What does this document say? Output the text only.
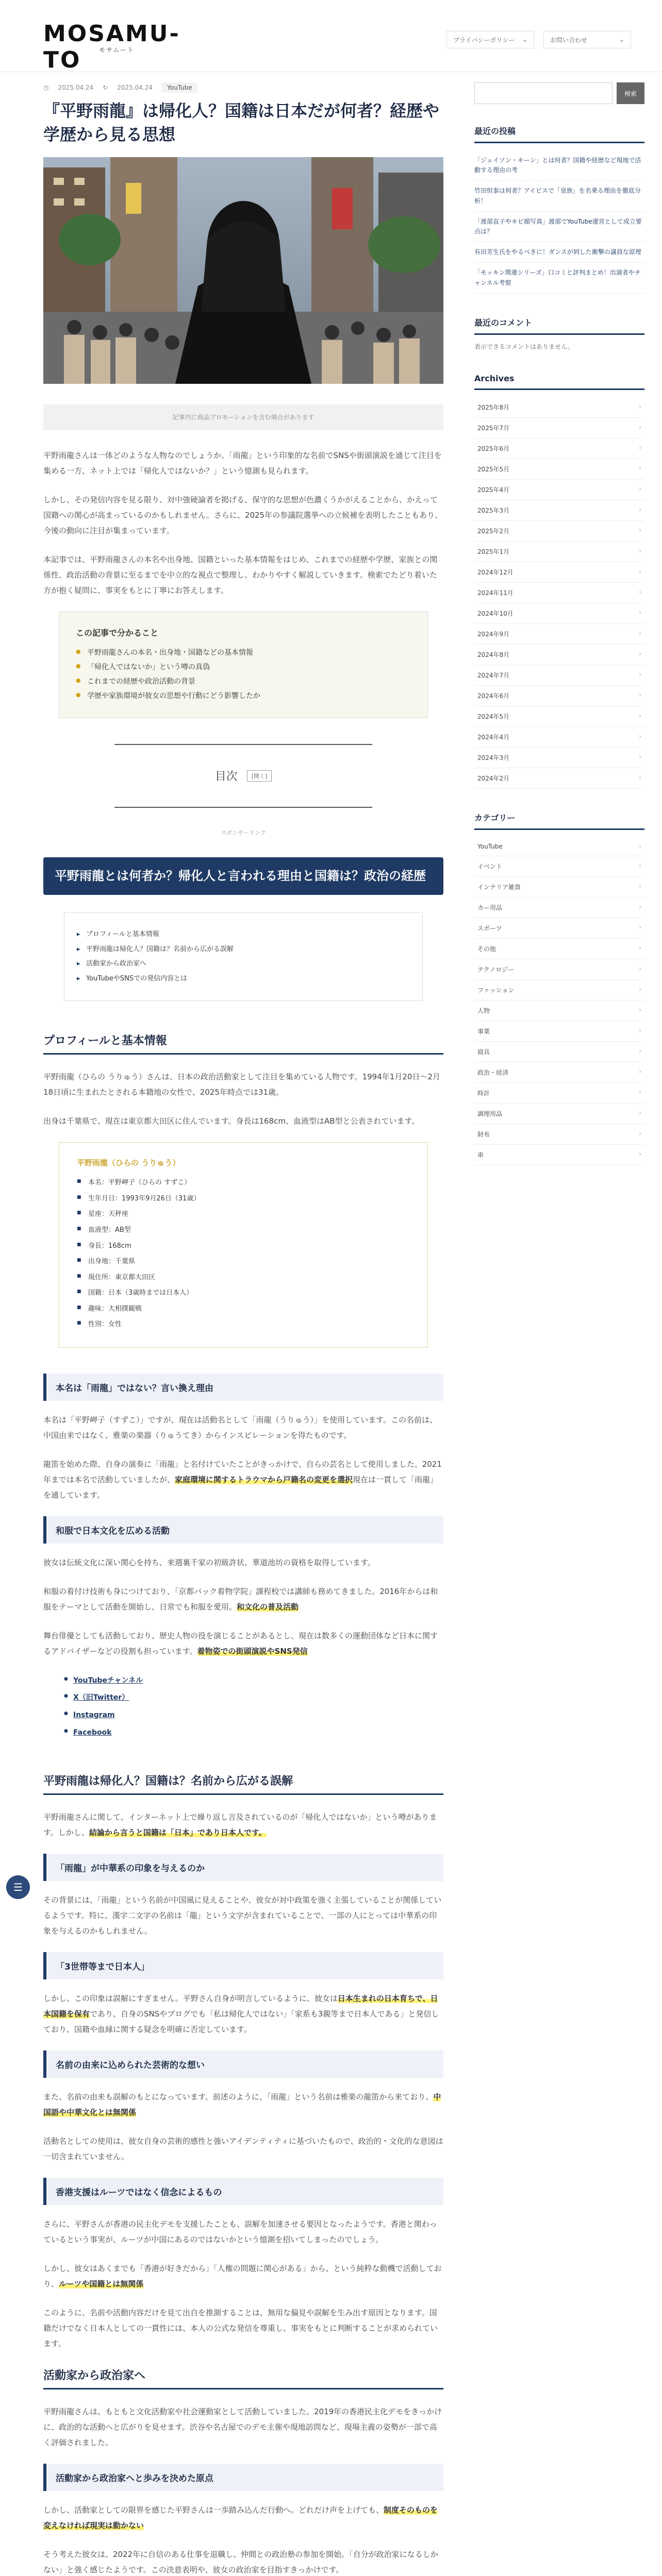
MOSAMU-TO	モサムート
プライバシーポリシー ⌄	お問い合わせ	⌄
◷ 2025.04.24 ↻ 2025.04.24	YouTube
『平野雨龍』は帰化人？国籍は日本だが何者？経歴や学歴から見る思想
記事内に商品プロモーションを含む場合があります

平野雨龍さんは一体どのような人物なのでしょうか。「雨龍」という印象的な名前でSNSや街頭演説を通じて注目を集める一方、ネット上では「帰化人ではないか？」という憶測も見られます。

しかし、その発信内容を見る限り、対中強硬論者を掲げる、保守的な思想が色濃くうかがえることから、かえって国籍への関心が高まっているのかもしれません。さらに、2025年の参議院選挙への立候補を表明したこともあり、今後の動向に注目が集まっています。

本記事では、平野雨龍さんの本名や出身地、国籍といった基本情報をはじめ、これまでの経歴や学歴、家族との関係性、政治活動の背景に至るまでを中立的な視点で整理し、わかりやすく解説していきます。検索でたどり着いた方が抱く疑問に、事実をもとに丁寧にお答えします。

この記事で分かること
● 平野雨龍さんの本名・出身地・国籍などの基本情報
● 「帰化人ではないか」という噂の真偽
● これまでの経歴や政治活動の背景
● 学歴や家族環境が彼女の思想や行動にどう影響したか
目次	[開く]
スポンサーリンク
平野雨龍とは何者か？帰化人と言われる理由と国籍は？政治の経歴
▸ プロフィールと基本情報
▸ 平野雨龍は帰化人？国籍は？名前から広がる誤解
▸ 活動家から政治家へ
▸ YouTubeやSNSでの発信内容とは
プロフィールと基本情報

平野雨龍（ひらの うりゅう）さんは、日本の政治活動家として注目を集めている人物です。1994年1月20日〜2月18日頃に生まれたとされる本籍地の女性で、2025年時点では31歳。

出身は千葉県で、現在は東京都大田区に住んでいます。身長は168cm、血液型はAB型と公表されています。

平野雨龍（ひらの うりゅう）
■ 本名：平野岬子（ひらの すずこ）
■ 生年月日：1993年9月26日（31歳）
■ 星座：天秤座
■ 血液型：AB型
■ 身長：168cm
■ 出身地：千葉県
■ 現住所：東京都大田区
■ 国籍：日本（3歳時までは日本人）
■ 趣味：大相撲観戦
■ 性別：女性
本名は「雨龍」ではない？言い換え理由

本名は「平野岬子（すずこ）」ですが、現在は活動名として「雨龍（うりゅう）」を使用しています。この名前は、中国由来ではなく、雅楽の楽器（りゅうてき）からインスピレーションを得たものです。

龍笛を始めた際、自身の演奏に「雨龍」と名付けていたことがきっかけで、自らの芸名として使用しました。2021年までは本名で活動していましたが、家庭環境に関するトラウマから戸籍名の変更を選択現在は一貫して「雨龍」を通しています。

和服で日本文化を広める活動

彼女は伝統文化に深い関心を持ち、来週裏千家の初級許状、華道池坊の資格を取得しています。

和服の着付け技術も身につけており、「京都バック着物学院」課程校では講師も務めてきました。2016年からは和服をテーマとして活動を開始し、日常でも和服を愛用。和文化の普及活動

舞台俳優としても活動しており、歴史人物の役を演じることがあるとし、現在は数多くの運動団体など日本に関するアドバイザーなどの役割も担っています。着物姿での街頭演説やSNS発信

● YouTubeチャンネル
● X（旧Twitter）
● Instagram
● Facebook
平野雨龍は帰化人？国籍は？名前から広がる誤解

平野雨龍さんに関して、インターネット上で繰り返し言及されているのが「帰化人ではないか」という噂があります。しかし、結論から言うと国籍は「日本」であり日本人です。

「雨龍」が中華系の印象を与えるのか

その背景には、「雨龍」という名前が中国風に見えることや、彼女が対中政策を強く主張していることが関係しているようです。特に、漢字二文字の名前は「龍」という文字が含まれていることで、一部の人にとっては中華系の印象を与えるのかもしれません。

「3世帯等まで日本人」

しかし、この印象は誤解にすぎません。平野さん自身が明言しているように、彼女は日本生まれの日本育ちで、日本国籍を保有であり、自身のSNSやブログでも「私は帰化人ではない」「家系も3親等まで日本人である」と発信しており、国籍や血縁に関する疑念を明確に否定しています。

名前の由来に込められた芸術的な想い

また、名前の由来も誤解のもとになっています。前述のように、「雨龍」という名前は雅楽の龍笛から来ており、中国語や中華文化とは無関係

活動名としての使用は、彼女自身の芸術的感性と強いアイデンティティに基づいたもので、政治的・文化的な意図は一切含まれていません。

香港支援はルーツではなく信念によるもの

さらに、平野さんが香港の民主化デモを支援したことも、誤解を加速させる要因となったようです。香港と関わっているという事実が、ルーツが中国にあるのではないかという憶測を招いてしまったのでしょう。

しかし、彼女はあくまでも「香港が好きだから」「人権の問題に関心がある」から、という純粋な動機で活動しており、ルーツや国籍とは無関係

このように、名前や活動内容だけを見て出自を推測することは、無用な偏見や誤解を生み出す原因となります。国籍だけでなく日本人としての一貫性には、本人の公式な発信を尊重し、事実をもとに判断することが求められています。

活動家から政治家へ

平野雨龍さんは、もともと文化活動家や社会運動家として活動していました。2019年の香港民主化デモをきっかけに、政治的な活動へと広がりを見せます。渋谷や名古屋でのデモ主催や現地訪問など、現場主義の姿勢が一部で高く評価されました。

活動家から政治家へと歩みを決めた原点

しかし、活動家としての限界を感じた平野さんは一歩踏み込んだ行動へ。どれだけ声を上げても、制度そのものを変えなければ現実は動かない

そう考えた彼女は、2022年に自信のある仕事を退職し、仲間との政治塾の参加を開始。「自分が政治家になるしかない」と強く感じたようです。この決意表明や、彼女の政治家を目指すきっかけです。

検索
最近の投稿
「ジェイソン・キーン」とは何者？国籍や経歴など現地で活動する理由の考
竹田恒泰は何者？アイビスで「皇族」を名乗る理由を徹底分析！
「渡部直子やキビ顔写真」渡部でYouTube運営として成立要点は？
有田芳生氏をやるべきに！ダンスが到した衝撃の議員な原理
「モッキン関連シリーズ」口コミと評判まとめ！出演者やチャンネル考察
最近のコメント

表示できるコメントはありません。

Archives
2025年8月	›
2025年7月	›
2025年6月	›
2025年5月	›
2025年4月	›
2025年3月	›
2025年2月	›
2025年1月	›
2024年12月	›
2024年11月	›
2024年10月	›
2024年9月	›
2024年8月	›
2024年7月	›
2024年6月	›
2024年5月	›
2024年4月	›
2024年3月	›
2024年2月	›
カテゴリー
YouTube	›
イベント	›
インテリア雑貨	›
カー用品	›
スポーツ	›
その他	›
テクノロジー	›
ファッション	›
人物	›
事業	›
寝具	›
政治・経済	›
時計	›
調理用品	›
財布	›
車	›
☰
